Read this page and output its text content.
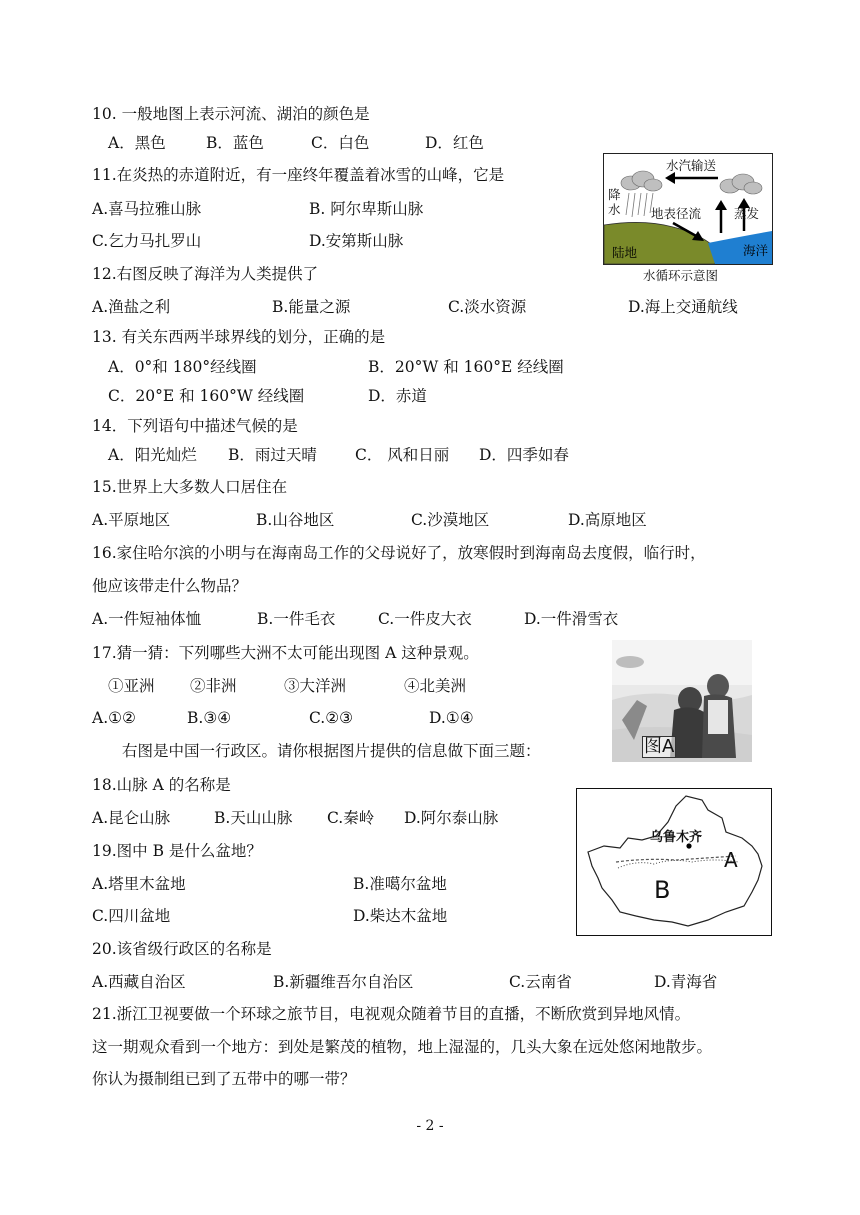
10. 一般地图上表示河流、湖泊的颜色是
A．黑色	B．蓝色	C．白色	D．红色
11.在炎热的赤道附近，有一座终年覆盖着冰雪的山峰，它是
A.喜马拉雅山脉	B. 阿尔卑斯山脉
C.乞力马扎罗山	D.安第斯山脉
水汽输送
降
水 地表径流	蒸发
陆地	海洋
水循环示意图
12.右图反映了海洋为人类提供了
A.渔盐之利	B.能量之源	C.淡水资源	D.海上交通航线
13. 有关东西两半球界线的划分，正确的是
A．0°和 180°经线圈	B．20°W 和 160°E 经线圈
C．20°E 和 160°W 经线圈	D．赤道
14．下列语句中描述气候的是
A．阳光灿烂 B．雨过天晴 C． 风和日丽 D．四季如春
15.世界上大多数人口居住在
A.平原地区	B.山谷地区	C.沙漠地区	D.高原地区
16.家住哈尔滨的小明与在海南岛工作的父母说好了，放寒假时到海南岛去度假，临行时，
他应该带走什么物品？
A.一件短袖体恤	B.一件毛衣	C.一件皮大衣	D.一件滑雪衣
17.猜一猜：下列哪些大洲不太可能出现图 A 这种景观。
①亚洲 ②非洲	③大洋洲	④北美洲
A.①②	B.③④	C.②③	D.①④
图A
右图是中国一行政区。请你根据图片提供的信息做下面三题：
18.山脉 A 的名称是
A.昆仑山脉	B.天山山脉 C.秦岭 D.阿尔泰山脉
乌鲁木齐
A
B
19.图中 B 是什么盆地？
A.塔里木盆地	B.准噶尔盆地
C.四川盆地	D.柴达木盆地
20.该省级行政区的名称是
A.西藏自治区	B.新疆维吾尔自治区	C.云南省	D.青海省
21.浙江卫视要做一个环球之旅节目，电视观众随着节目的直播，不断欣赏到异地风情。
这一期观众看到一个地方：到处是繁茂的植物，地上湿湿的，几头大象在远处悠闲地散步。
你认为摄制组已到了五带中的哪一带？
- 2 -
